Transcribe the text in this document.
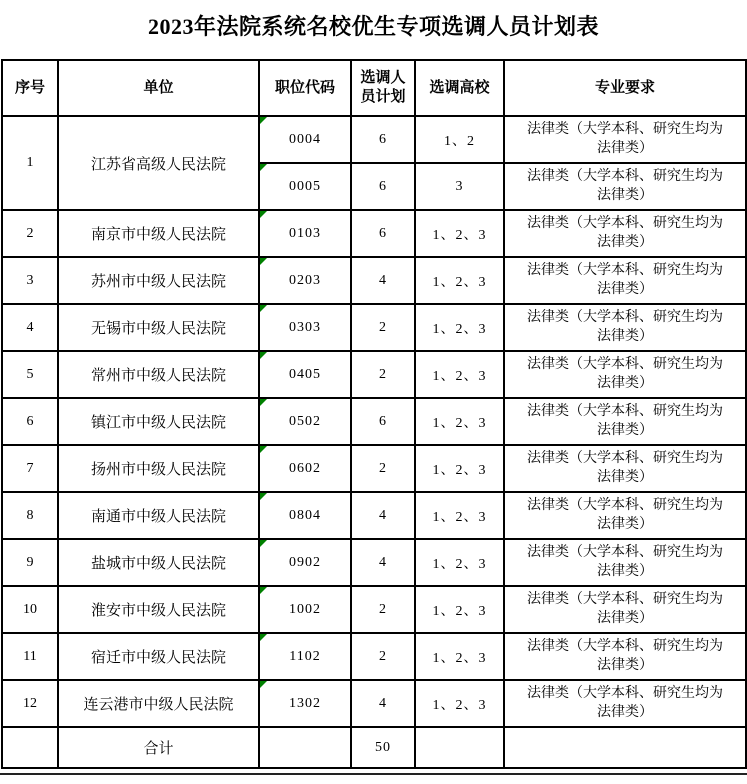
2023年法院系统名校优生专项选调人员计划表
序号	单位	职位代码	选调人员计划	选调高校	专业要求
1	江苏省高级人民法院	0004	6	1、2	法律类（大学本科、研究生均为法律类）

0005	6	3	法律类（大学本科、研究生均为法律类）
2	南京市中级人民法院	0103	6	1、2、3	法律类（大学本科、研究生均为法律类）
3	苏州市中级人民法院	0203	4	1、2、3	法律类（大学本科、研究生均为法律类）
4	无锡市中级人民法院	0303	2	1、2、3	法律类（大学本科、研究生均为法律类）
5	常州市中级人民法院	0405	2	1、2、3	法律类（大学本科、研究生均为法律类）
6	镇江市中级人民法院	0502	6	1、2、3	法律类（大学本科、研究生均为法律类）
7	扬州市中级人民法院	0602	2	1、2、3	法律类（大学本科、研究生均为法律类）
8	南通市中级人民法院	0804	4	1、2、3	法律类（大学本科、研究生均为法律类）
9	盐城市中级人民法院	0902	4	1、2、3	法律类（大学本科、研究生均为法律类）
10	淮安市中级人民法院	1002	2	1、2、3	法律类（大学本科、研究生均为法律类）
11	宿迁市中级人民法院	1102	2	1、2、3	法律类（大学本科、研究生均为法律类）
12	连云港市中级人民法院	1302	4	1、2、3	法律类（大学本科、研究生均为法律类）
	合计		50		
